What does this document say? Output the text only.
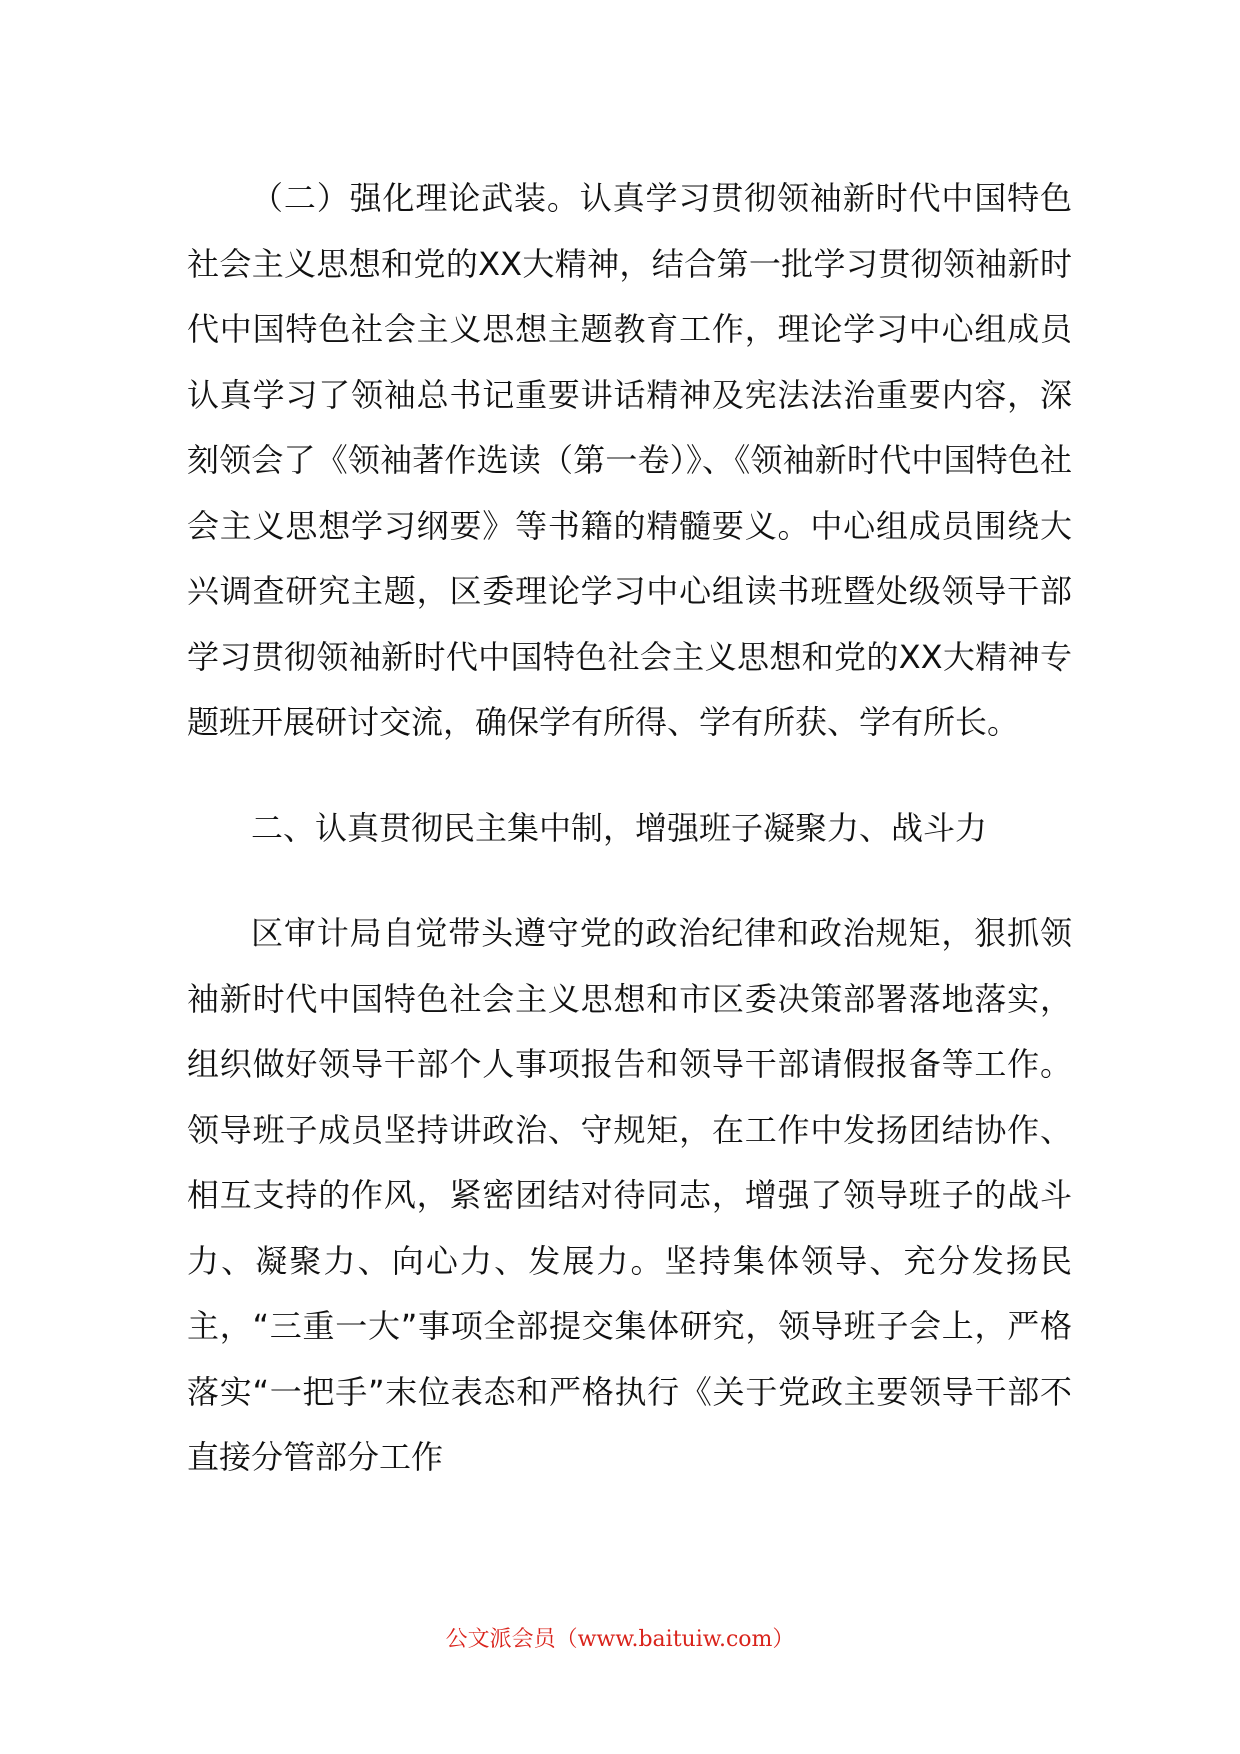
（二）强化理论武装。认真学习贯彻领袖新时代中国特色社会主义思想和党的XX大精神，结合第一批学习贯彻领袖新时代中国特色社会主义思想主题教育工作，理论学习中心组成员认真学习了领袖总书记重要讲话精神及宪法法治重要内容，深刻领会了《领袖著作选读（第一卷）》、《领袖新时代中国特色社会主义思想学习纲要》等书籍的精髓要义。中心组成员围绕大兴调查研究主题，区委理论学习中心组读书班暨处级领导干部学习贯彻领袖新时代中国特色社会主义思想和党的XX大精神专题班开展研讨交流，确保学有所得、学有所获、学有所长。

二、认真贯彻民主集中制，增强班子凝聚力、战斗力

区审计局自觉带头遵守党的政治纪律和政治规矩，狠抓领袖新时代中国特色社会主义思想和市区委决策部署落地落实，组织做好领导干部个人事项报告和领导干部请假报备等工作。领导班子成员坚持讲政治、守规矩，在工作中发扬团结协作、相互支持的作风，紧密团结对待同志，增强了领导班子的战斗力、凝聚力、向心力、发展力。坚持集体领导、充分发扬民主，“三重一大”事项全部提交集体研究，领导班子会上，严格落实“一把手”末位表态和严格执行《关于党政主要领导干部不直接分管部分工作

公文派会员（www.baituiw.com）
